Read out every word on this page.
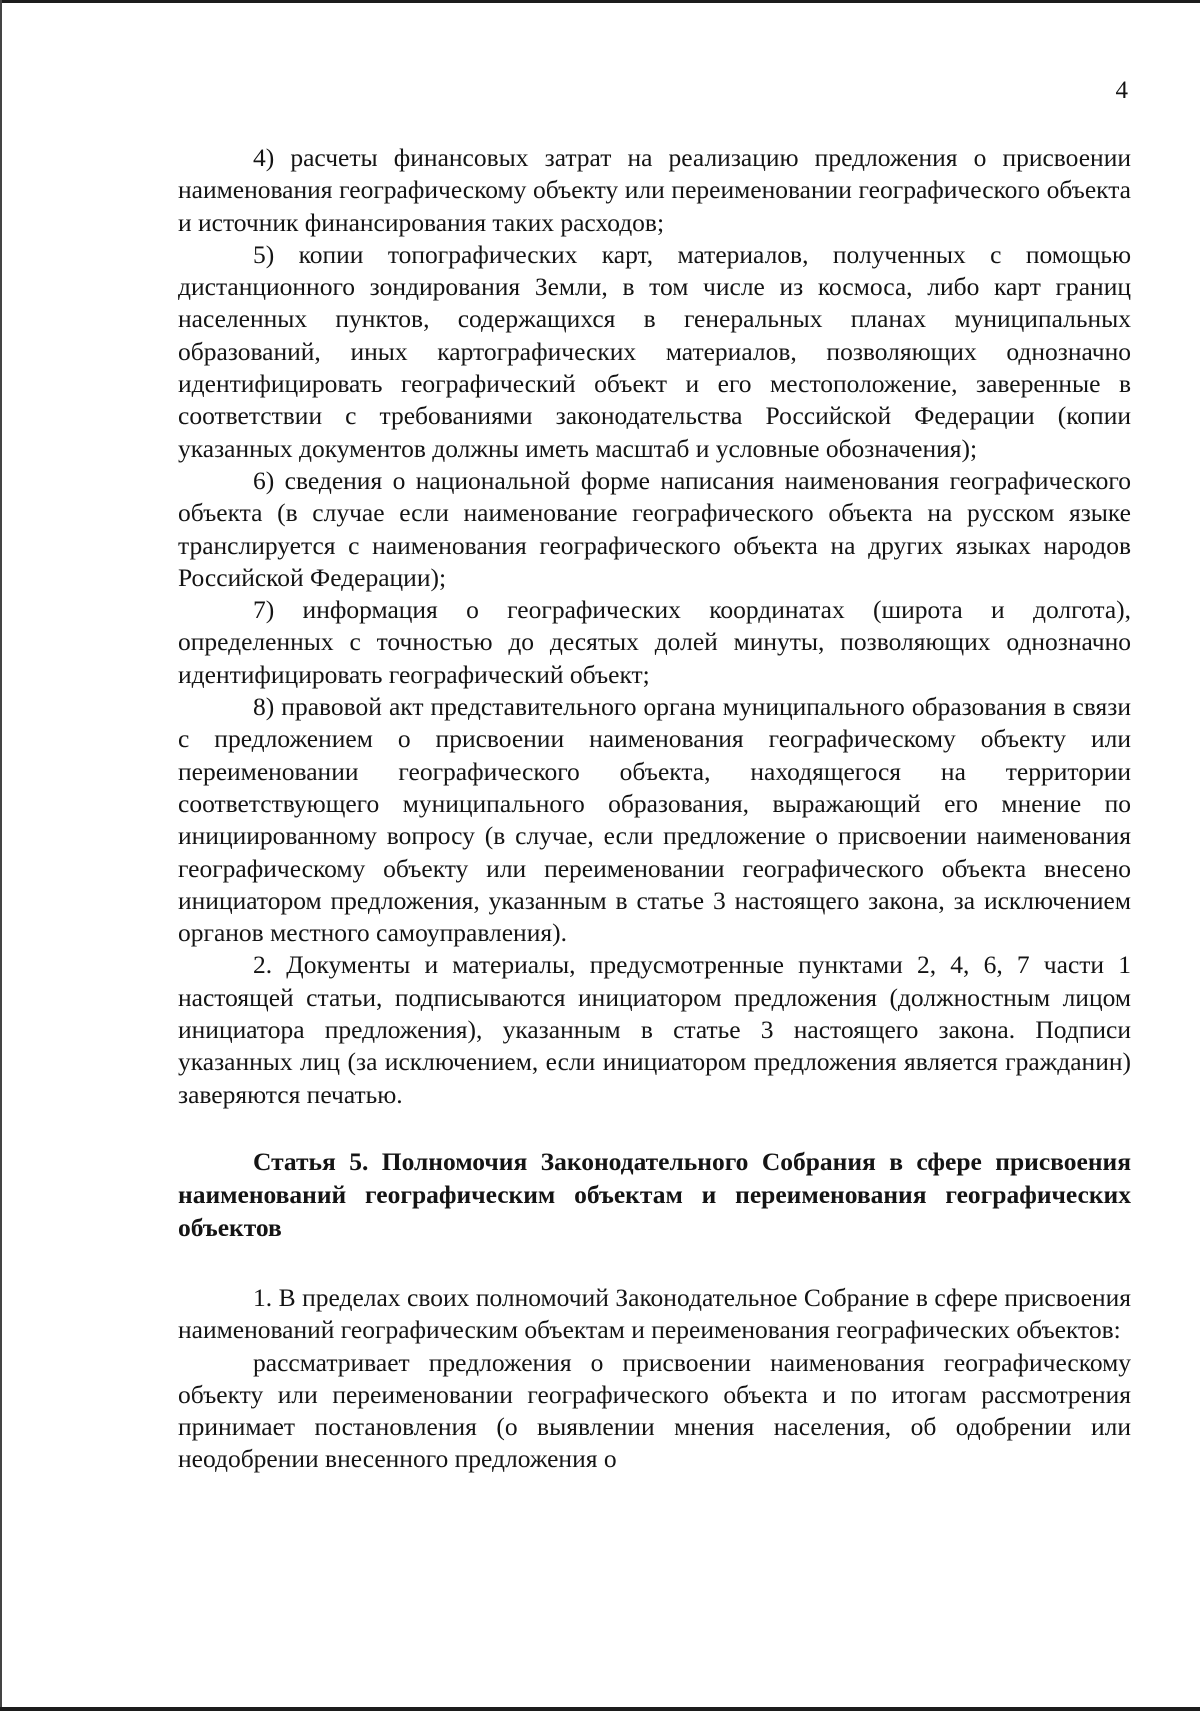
4

4) расчеты финансовых затрат на реализацию предложения о присвоении наименования географическому объекту или переименовании географического объекта и источник финансирования таких расходов;

5) копии топографических карт, материалов, полученных с помощью дистанционного зондирования Земли, в том числе из космоса, либо карт границ населенных пунктов, содержащихся в генеральных планах муниципальных образований, иных картографических материалов, позволяющих однозначно идентифицировать географический объект и его местоположение, заверенные в соответствии с требованиями законодательства Российской Федерации (копии указанных документов должны иметь масштаб и условные обозначения);

6) сведения о национальной форме написания наименования географического объекта (в случае если наименование географического объекта на русском языке транслируется с наименования географического объекта на других языках народов Российской Федерации);

7) информация о географических координатах (широта и долгота), определенных с точностью до десятых долей минуты, позволяющих однозначно идентифицировать географический объект;

8) правовой акт представительного органа муниципального образования в связи с предложением о присвоении наименования географическому объекту или переименовании географического объекта, находящегося на территории соответствующего муниципального образования, выражающий его мнение по инициированному вопросу (в случае, если предложение о присвоении наименования географическому объекту или переименовании географического объекта внесено инициатором предложения, указанным в статье 3 настоящего закона, за исключением органов местного самоуправления).

2. Документы и материалы, предусмотренные пунктами 2, 4, 6, 7 части 1 настоящей статьи, подписываются инициатором предложения (должностным лицом инициатора предложения), указанным в статье 3 настоящего закона. Подписи указанных лиц (за исключением, если инициатором предложения является гражданин) заверяются печатью.

Статья 5. Полномочия Законодательного Собрания в сфере присвоения наименований географическим объектам и переименования географических объектов

1. В пределах своих полномочий Законодательное Собрание в сфере присвоения наименований географическим объектам и переименования географических объектов:

рассматривает предложения о присвоении наименования географическому объекту или переименовании географического объекта и по итогам рассмотрения принимает постановления (о выявлении мнения населения, об одобрении или неодобрении внесенного предложения о
